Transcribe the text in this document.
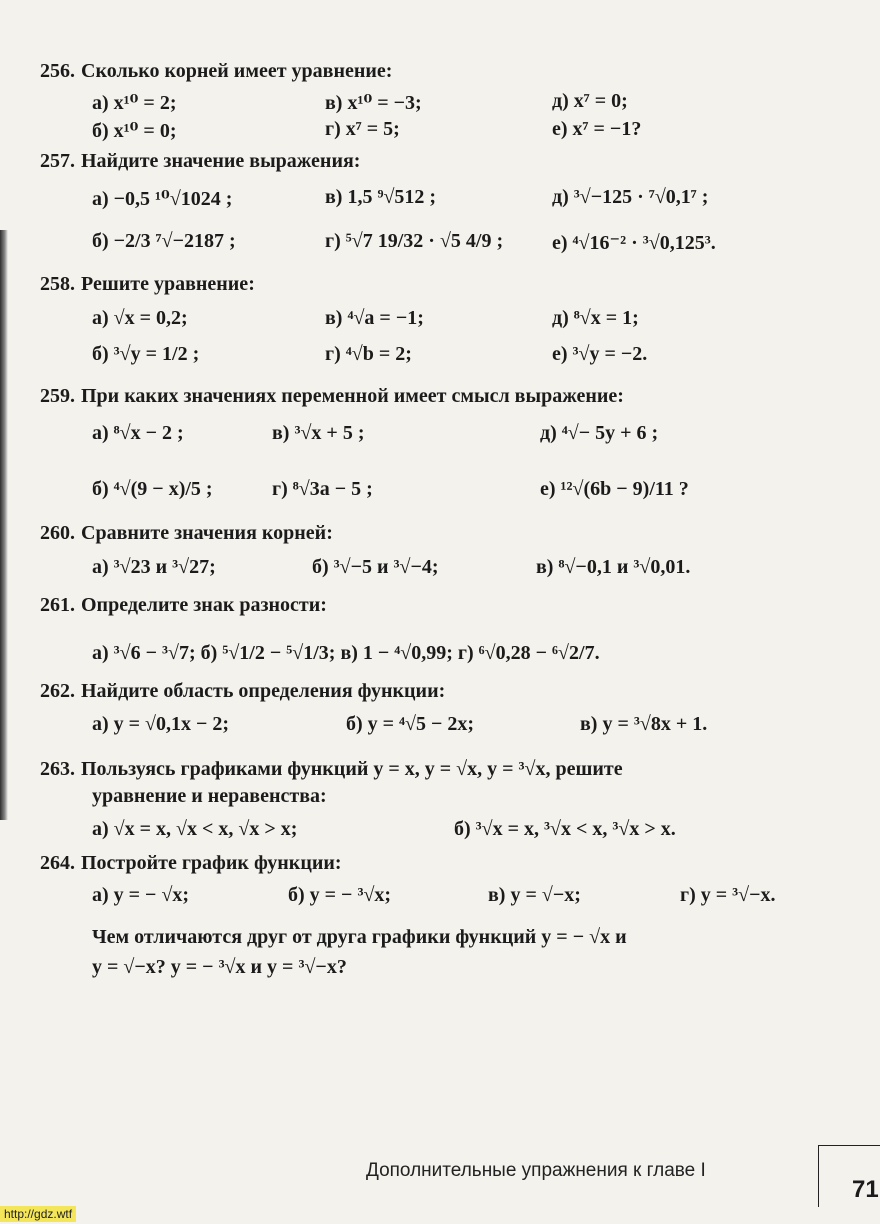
256. Сколько корней имеет уравнение:
а) x¹⁰ = 2;	в) x¹⁰ = −3;	д) x⁷ = 0;
б) x¹⁰ = 0;	г) x⁷ = 5;	е) x⁷ = −1?
257. Найдите значение выражения:
а) −0,5 ¹⁰√1024 ;	в) 1,5 ⁹√512 ;	д) ³√−125 · ⁷√0,1⁷ ;
б) −2/3 ⁷√−2187 ;	г) ⁵√7 19/32 · √5 4/9 ; е) ⁴√16⁻² · ³√0,125³.
258. Решите уравнение:
а) √x = 0,2;	в) ⁴√a = −1;	д) ⁸√x = 1;
б) ³√y = 1/2 ;	г) ⁴√b = 2;	е) ³√y = −2.
259. При каких значениях переменной имеет смысл выражение:
а) ⁸√x − 2 ;	в) ³√x + 5 ;	д) ⁴√− 5y + 6 ;
б) ⁴√(9 − x)/5 ;	г) ⁸√3a − 5 ;	е) ¹²√(6b − 9)/11 ?
260. Сравните значения корней:
а) ³√23 и ³√27;	б) ³√−5 и ³√−4;	в) ⁸√−0,1 и ³√0,01.
261. Определите знак разности:
а) ³√6 − ³√7; б) ⁵√1/2 − ⁵√1/3; в) 1 − ⁴√0,99; г) ⁶√0,28 − ⁶√2/7.
262. Найдите область определения функции:
а) y = √0,1x − 2;	б) y = ⁴√5 − 2x;	в) y = ³√8x + 1.
263. Пользуясь графиками функций y = x, y = √x, y = ³√x, решите
уравнение и неравенства:
а) √x = x, √x < x, √x > x;	б) ³√x = x, ³√x < x, ³√x > x.
264. Постройте график функции:
а) y = − √x;	б) y = − ³√x;	в) y = √−x;	г) y = ³√−x.
Чем отличаются друг от друга графики функций y = − √x и
y = √−x? y = − ³√x и y = ³√−x?
Дополнительные упражнения к главе I
71
http://gdz.wtf
